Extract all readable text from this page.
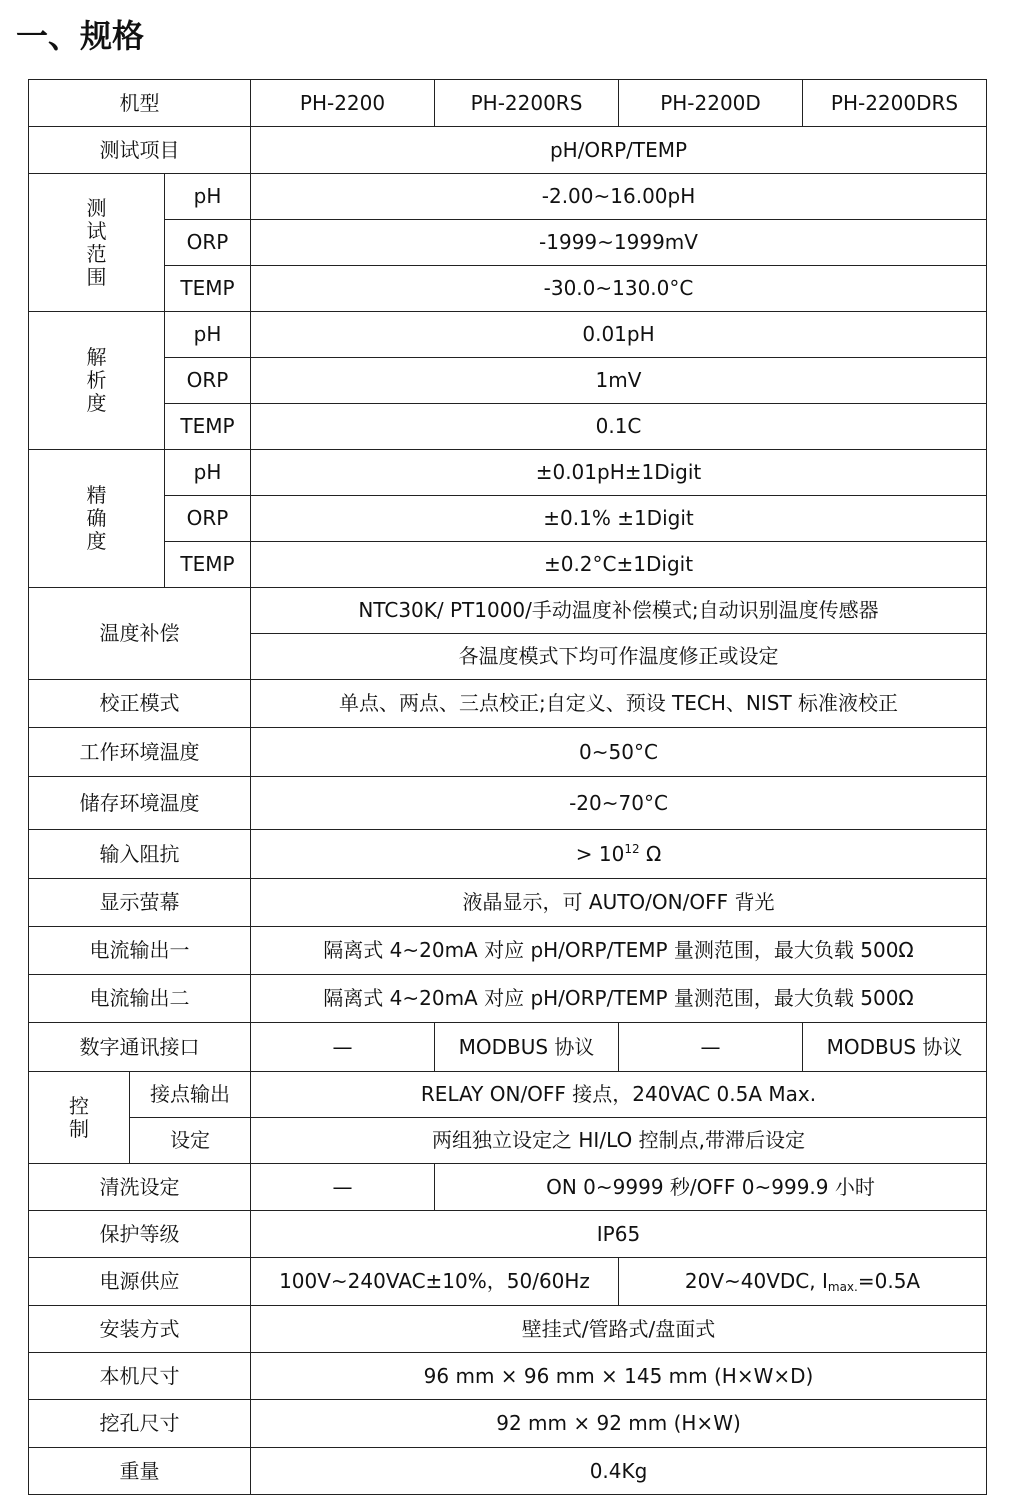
一、规格
机型			PH-2200	PH-2200RS	PH-2200D	PH-2200DRS
测试项目			pH/ORP/TEMP			

测
试
范
围		pH	-2.00~16.00pH			
		ORP	-1999~1999mV			
		TEMP	-30.0~130.0°C			

解
析
度		pH	0.01pH			
		ORP	1mV			
		TEMP	0.1C			

精
确
度		pH	±0.01pH±1Digit			
		ORP	±0.1% ±1Digit			
		TEMP	±0.2°C±1Digit			
温度补偿			NTC30K/ PT1000/手动温度补偿模式;自动识别温度传感器			
			各温度模式下均可作温度修正或设定			
校正模式			单点、两点、三点校正;自定义、预设 TECH、NIST 标准液校正			
工作环境温度			0~50°C			
储存环境温度			-20~70°C			
输入阻抗			> $10^{12}$ Ω			
显示萤幕			液晶显示，可 AUTO/ON/OFF 背光			
电流输出一			隔离式 4~20mA 对应 pH/ORP/TEMP 量测范围，最大负载 500Ω			
电流输出二			隔离式 4~20mA 对应 pH/ORP/TEMP 量测范围，最大负载 500Ω			
数字通讯接口			—	MODBUS 协议	—	MODBUS 协议

控
制	接点输出		RELAY ON/OFF 接点，240VAC 0.5A Max.			
	设定		两组独立设定之 HI/LO 控制点,带滞后设定			
清洗设定			—	ON 0~9999 秒/OFF 0~999.9 小时		
保护等级			IP65			
电源供应			100V~240VAC±10%，50/60Hz		20V~40VDC, $I_{max.}=0.5A$	
安装方式			壁挂式/管路式/盘面式			
本机尺寸			96 mm × 96 mm × 145 mm (H×W×D)			
挖孔尺寸			92 mm × 92 mm (H×W)			
重量			0.4Kg			
